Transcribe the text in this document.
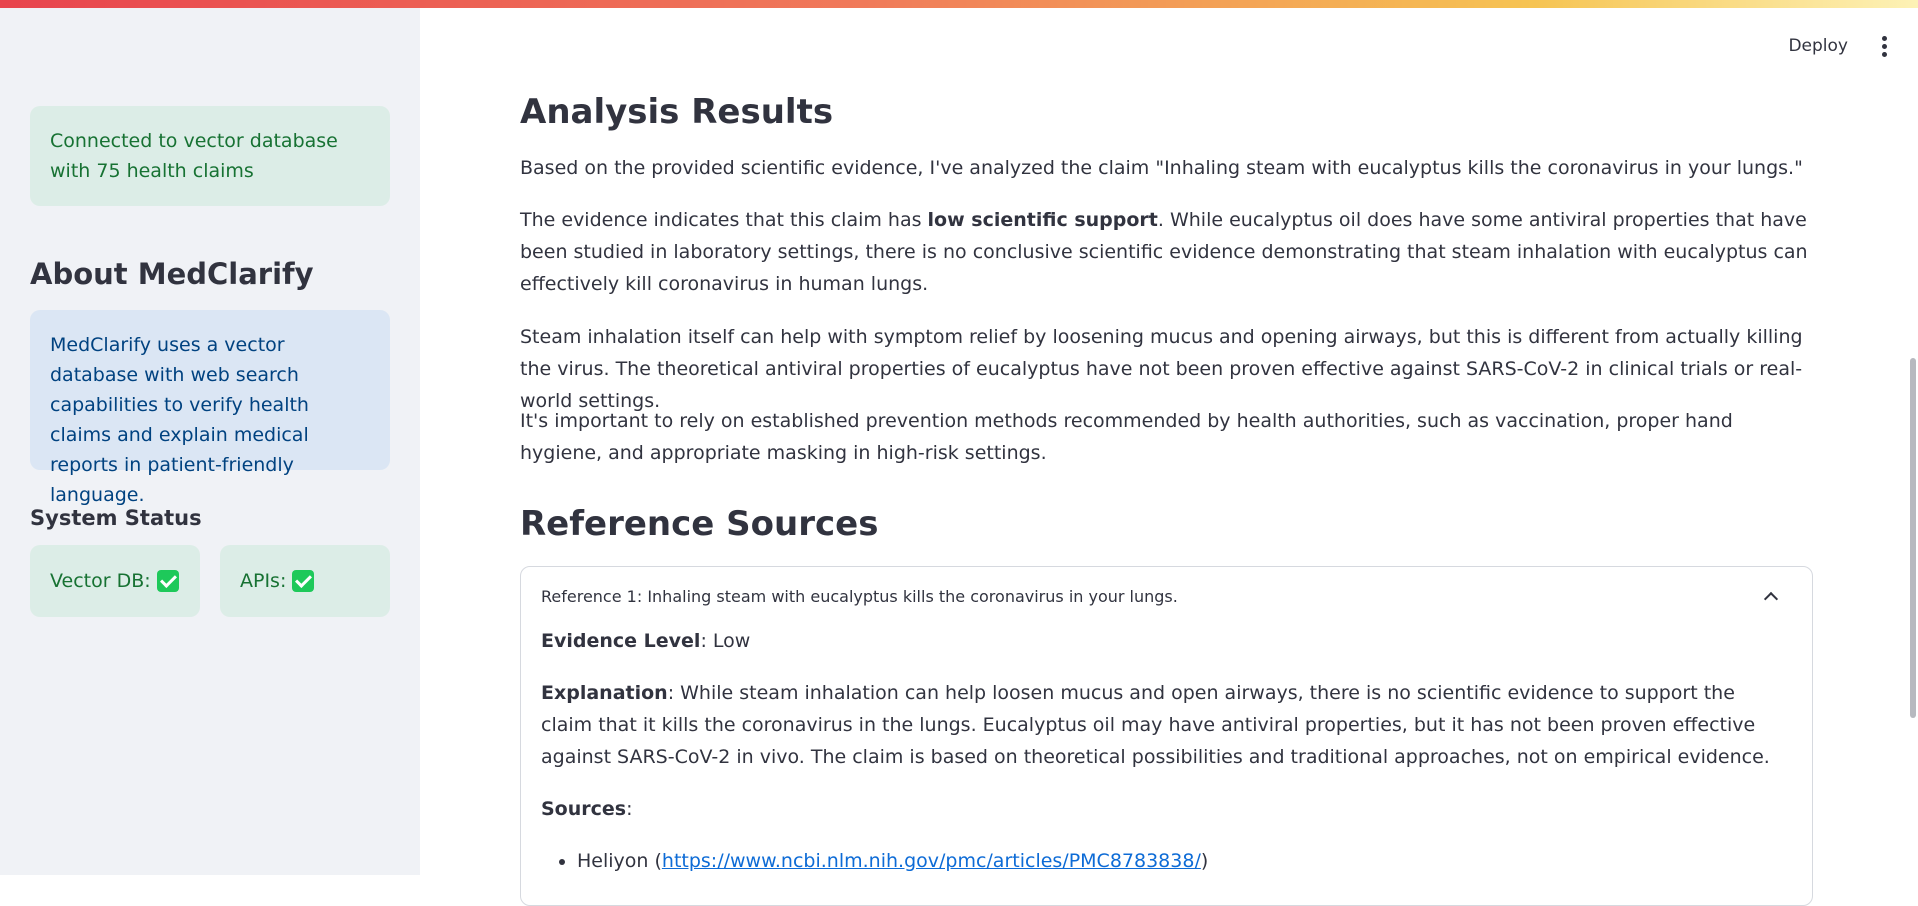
Connected to vector database with 75 health claims
About MedClarify
MedClarify uses a vector database with web search capabilities to verify health claims and explain medical reports in patient-friendly language.
System Status
Vector DB:	APIs:
Deploy
Analysis Results

Based on the provided scientific evidence, I've analyzed the claim "Inhaling steam with eucalyptus kills the coronavirus in your lungs."

The evidence indicates that this claim has low scientific support. While eucalyptus oil does have some antiviral properties that have been studied in laboratory settings, there is no conclusive scientific evidence demonstrating that steam inhalation with eucalyptus can effectively kill coronavirus in human lungs.

Steam inhalation itself can help with symptom relief by loosening mucus and opening airways, but this is different from actually killing the virus. The theoretical antiviral properties of eucalyptus have not been proven effective against SARS-CoV-2 in clinical trials or real-world settings.

It's important to rely on established prevention methods recommended by health authorities, such as vaccination, proper hand hygiene, and appropriate masking in high-risk settings.

Reference Sources
Reference 1: Inhaling steam with eucalyptus kills the coronavirus in your lungs.

Evidence Level: Low

Explanation: While steam inhalation can help loosen mucus and open airways, there is no scientific evidence to support the claim that it kills the coronavirus in the lungs. Eucalyptus oil may have antiviral properties, but it has not been proven effective against SARS-CoV-2 in vivo. The claim is based on theoretical possibilities and traditional approaches, not on empirical evidence.

Sources:

• Heliyon (https://www.ncbi.nlm.nih.gov/pmc/articles/PMC8783838/)
